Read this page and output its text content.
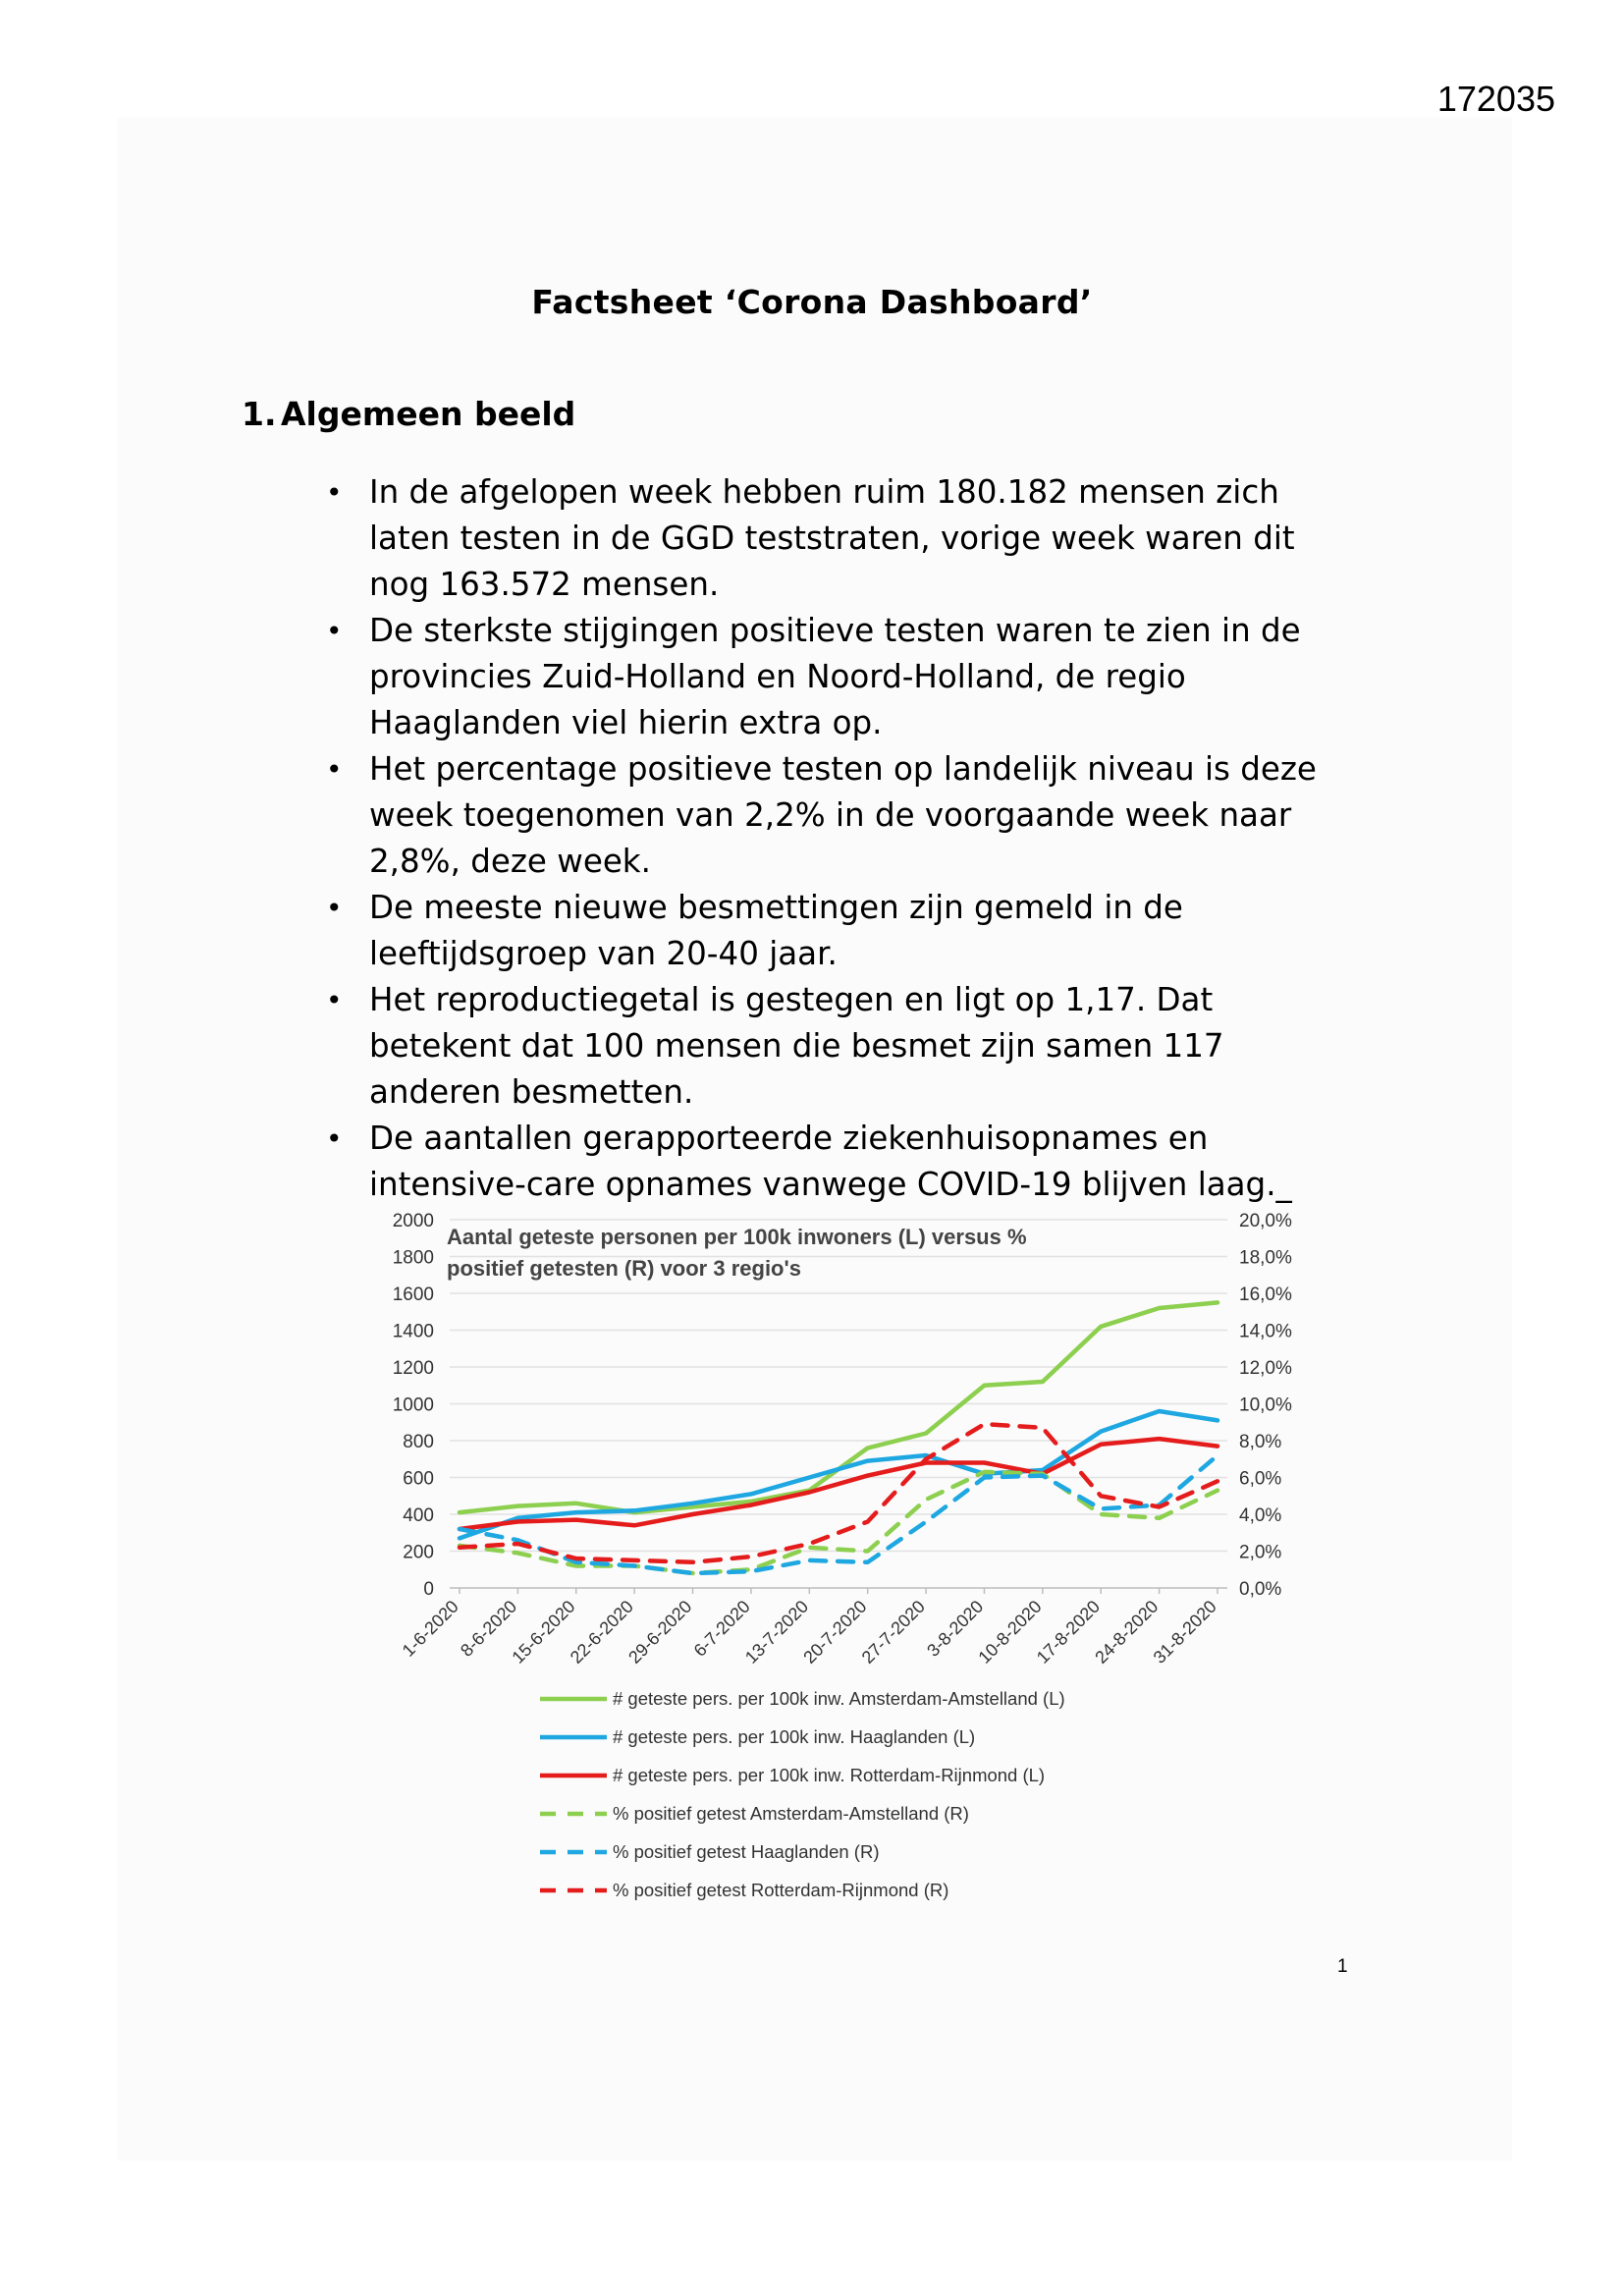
172035
Factsheet ‘Corona Dashboard’
1. Algemeen beeld
• In de afgelopen week hebben ruim 180.182 mensen zich laten testen in de GGD teststraten, vorige week waren dit nog 163.572 mensen.
• De sterkste stijgingen positieve testen waren te zien in de provincies Zuid-Holland en Noord-Holland, de regio Haaglanden viel hierin extra op.
• Het percentage positieve testen op landelijk niveau is deze week toegenomen van 2,2% in de voorgaande week naar 2,8%, deze week.
• De meeste nieuwe besmettingen zijn gemeld in de leeftijdsgroep van 20-40 jaar.
• Het reproductiegetal is gestegen en ligt op 1,17. Dat betekent dat 100 mensen die besmet zijn samen 117 anderen besmetten.
• De aantallen gerapporteerde ziekenhuisopnames en intensive-care opnames vanwege COVID-19 blijven laag._
0
200
400
600
800
1000
1200
1400
1600
1800
2000
0,0%
2,0%
4,0%
6,0%
8,0%
10,0%
12,0%
14,0%
16,0%
18,0%
20,0%
1-6-2020
8-6-2020
15-6-2020
22-6-2020
29-6-2020
6-7-2020
13-7-2020
20-7-2020
27-7-2020
3-8-2020
10-8-2020
17-8-2020
24-8-2020
31-8-2020
Aantal geteste personen per 100k inwoners (L) versus %
positief getesten (R) voor 3 regio's
# geteste pers. per 100k inw. Amsterdam-Amstelland (L)
# geteste pers. per 100k inw. Haaglanden (L)
# geteste pers. per 100k inw. Rotterdam-Rijnmond (L)
% positief getest Amsterdam-Amstelland (R)
% positief getest Haaglanden (R)
% positief getest Rotterdam-Rijnmond (R)
1
